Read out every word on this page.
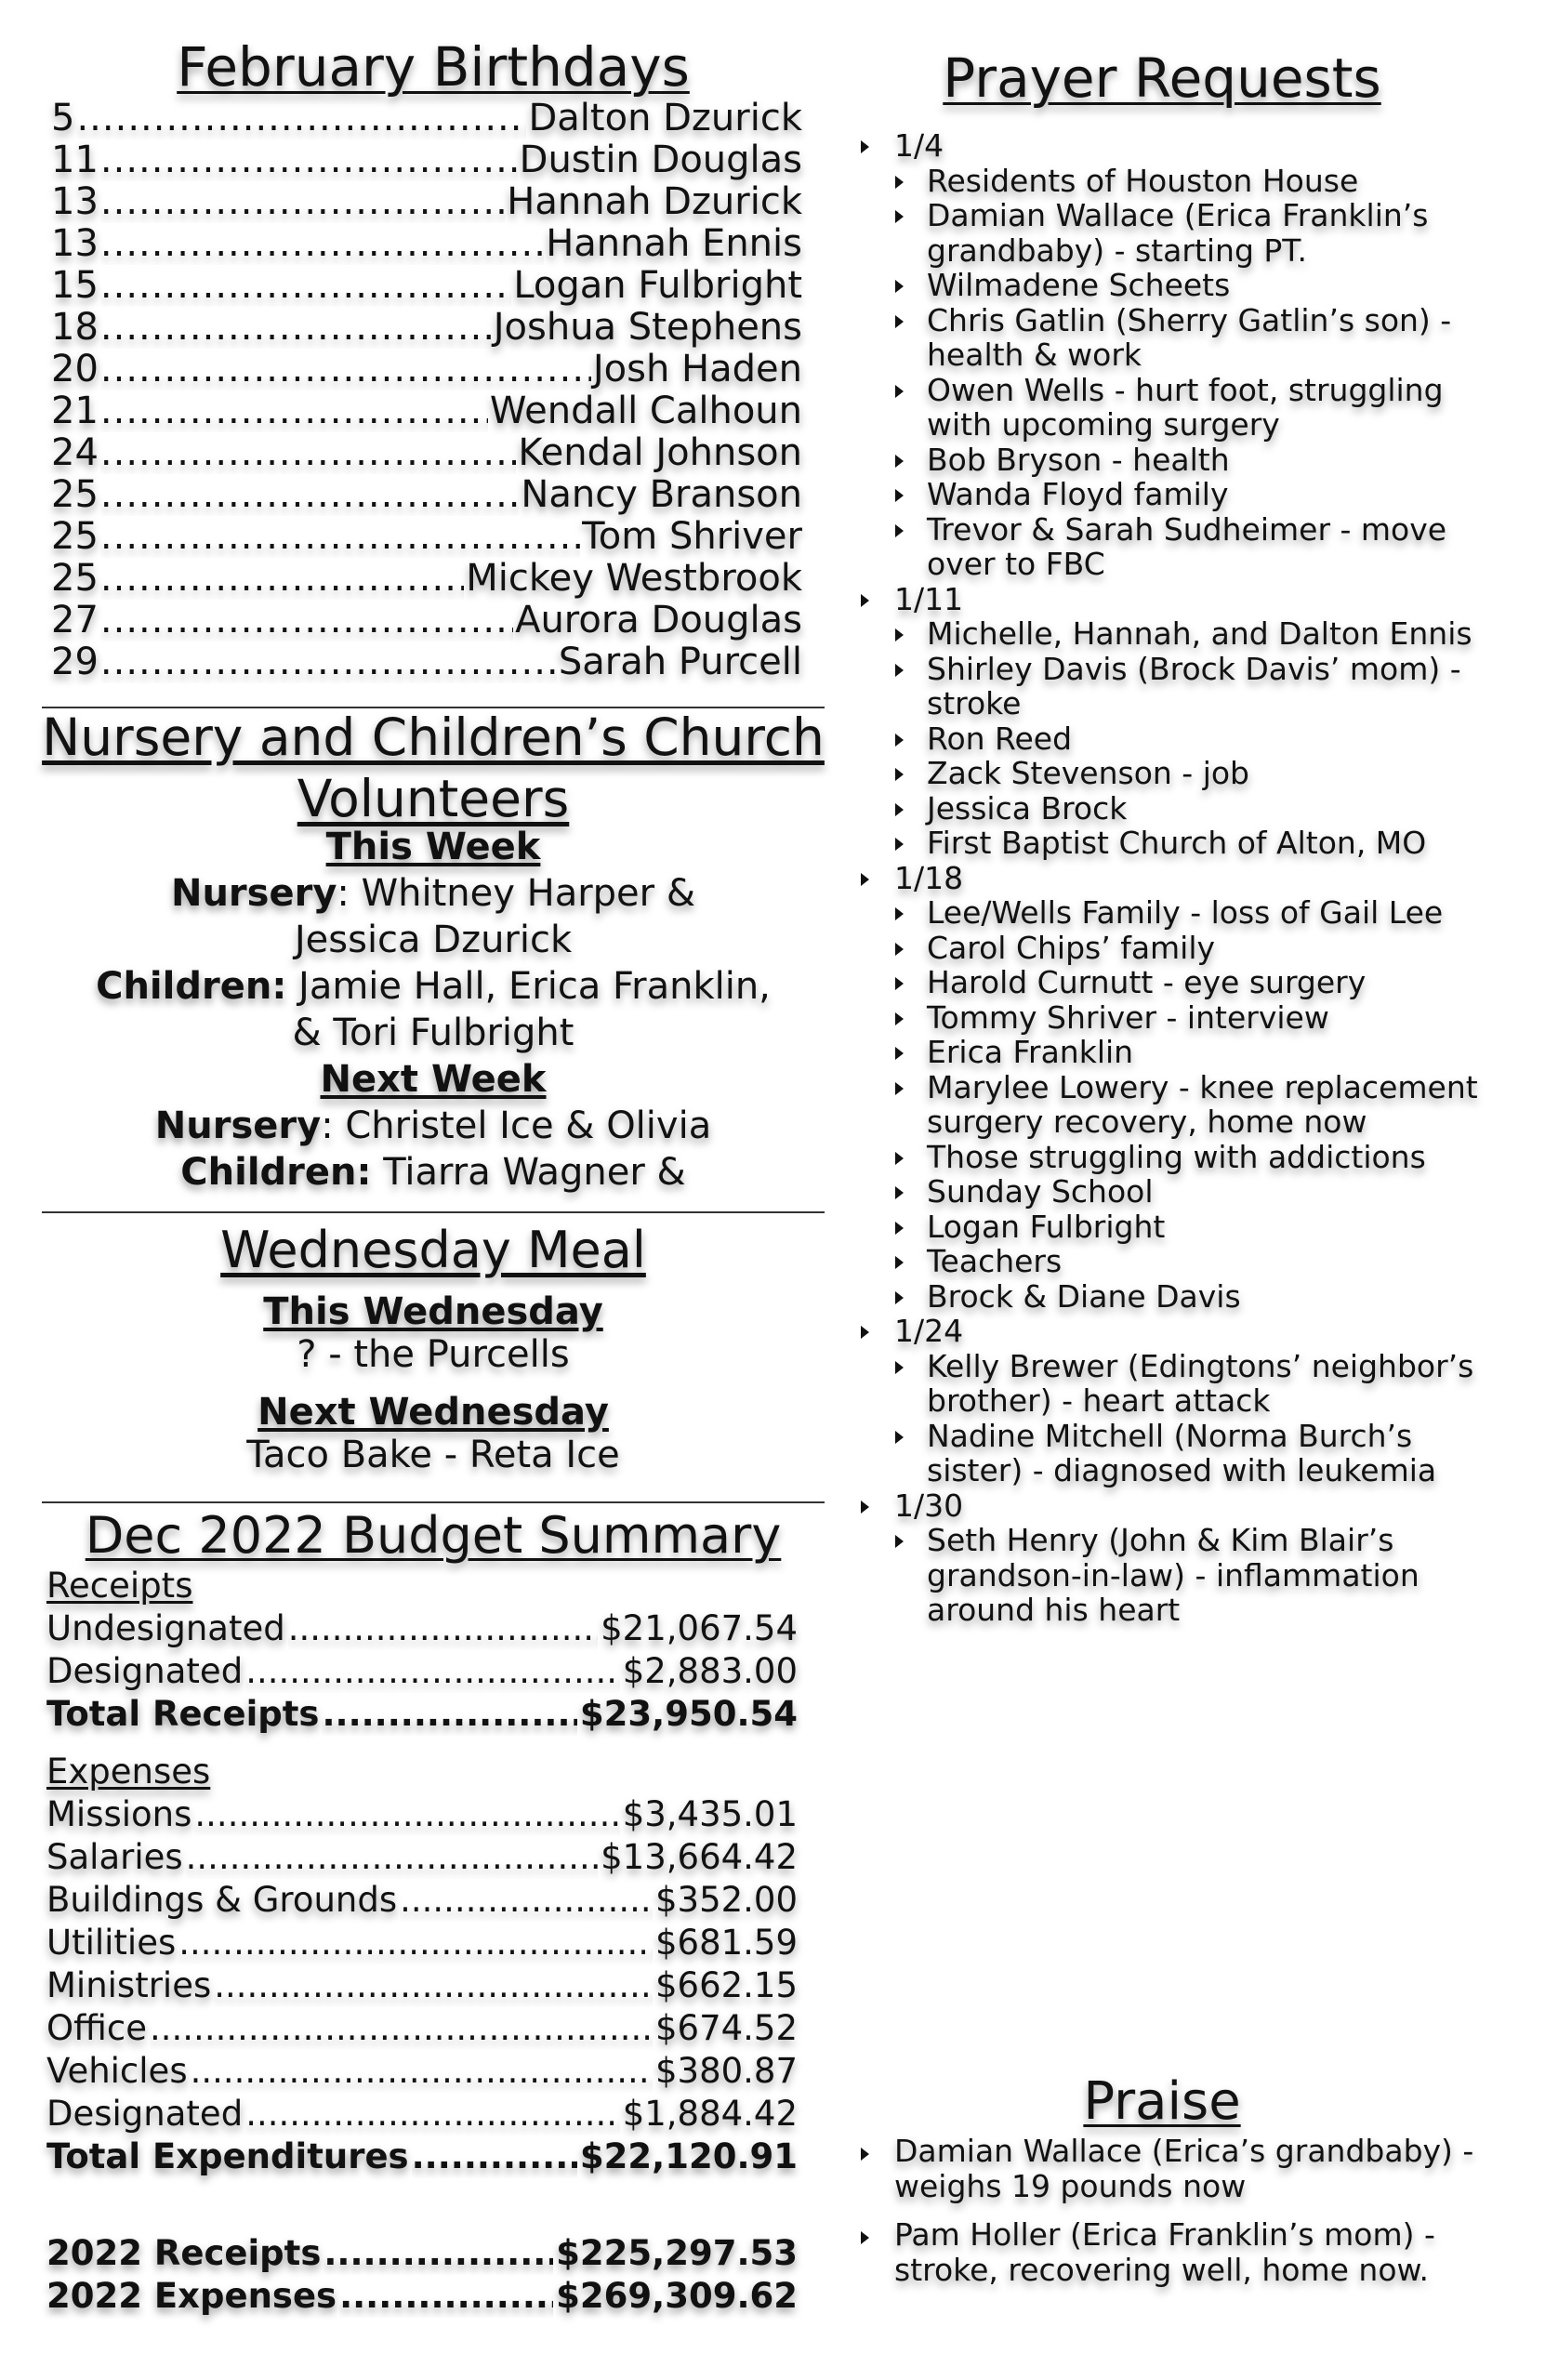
February Birthdays
5 .....	Dalton Dzurick
11 .....	Dustin Douglas
13 .....	Hannah Dzurick
13 .....	Hannah Ennis
15 .....	Logan Fulbright
18 .....	Joshua Stephens
20 .....	Josh Haden
21 .....	Wendall Calhoun
24 .....	Kendal Johnson
25 .....	Nancy Branson
25 .....	Tom Shriver
25 .....	Mickey Westbrook
27 .....	Aurora Douglas
29 .....	Sarah Purcell
Nursery and Children’s Church
Volunteers
This Week
Nursery: Whitney Harper & Jessica Dzurick
Children: Jamie Hall, Erica Franklin, & Tori Fulbright
Next Week
Nursery: Christel Ice & Olivia
Children: Tiarra Wagner &
Wednesday Meal
This Wednesday
? - the Purcells
Next Wednesday
Taco Bake - Reta Ice
Dec 2022 Budget Summary
Receipts
Undesignated .....	$21,067.54
Designated .....	$2,883.00
Total Receipts .....	$23,950.54
Expenses
Missions .....	$3,435.01
Salaries .....	$13,664.42
Buildings & Grounds .....	$352.00
Utilities .....	$681.59
Ministries .....	$662.15
Office .....	$674.52
Vehicles .....	$380.87
Designated .....	$1,884.42
Total Expenditures .....	$22,120.91
2022 Receipts .....	$225,297.53
2022 Expenses .....	$269,309.62
Prayer Requests
1/4
Residents of Houston House
Damian Wallace (Erica Franklin’s grandbaby) - starting PT.
Wilmadene Scheets
Chris Gatlin (Sherry Gatlin’s son) - health & work
Owen Wells - hurt foot, struggling with upcoming surgery
Bob Bryson - health
Wanda Floyd family
Trevor & Sarah Sudheimer - move over to FBC
1/11
Michelle, Hannah, and Dalton Ennis
Shirley Davis (Brock Davis’ mom) - stroke
Ron Reed
Zack Stevenson - job
Jessica Brock
First Baptist Church of Alton, MO
1/18
Lee/Wells Family - loss of Gail Lee
Carol Chips’ family
Harold Curnutt - eye surgery
Tommy Shriver - interview
Erica Franklin
Marylee Lowery - knee replacement surgery recovery, home now
Those struggling with addictions
Sunday School
Logan Fulbright
Teachers
Brock & Diane Davis
1/24
Kelly Brewer (Edingtons’ neighbor’s brother) - heart attack
Nadine Mitchell (Norma Burch’s sister) - diagnosed with leukemia
1/30
Seth Henry (John & Kim Blair’s grandson-in-law) - inflammation around his heart
Praise
Damian Wallace (Erica’s grandbaby) - weighs 19 pounds now
Pam Holler (Erica Franklin’s mom) - stroke, recovering well, home now.
